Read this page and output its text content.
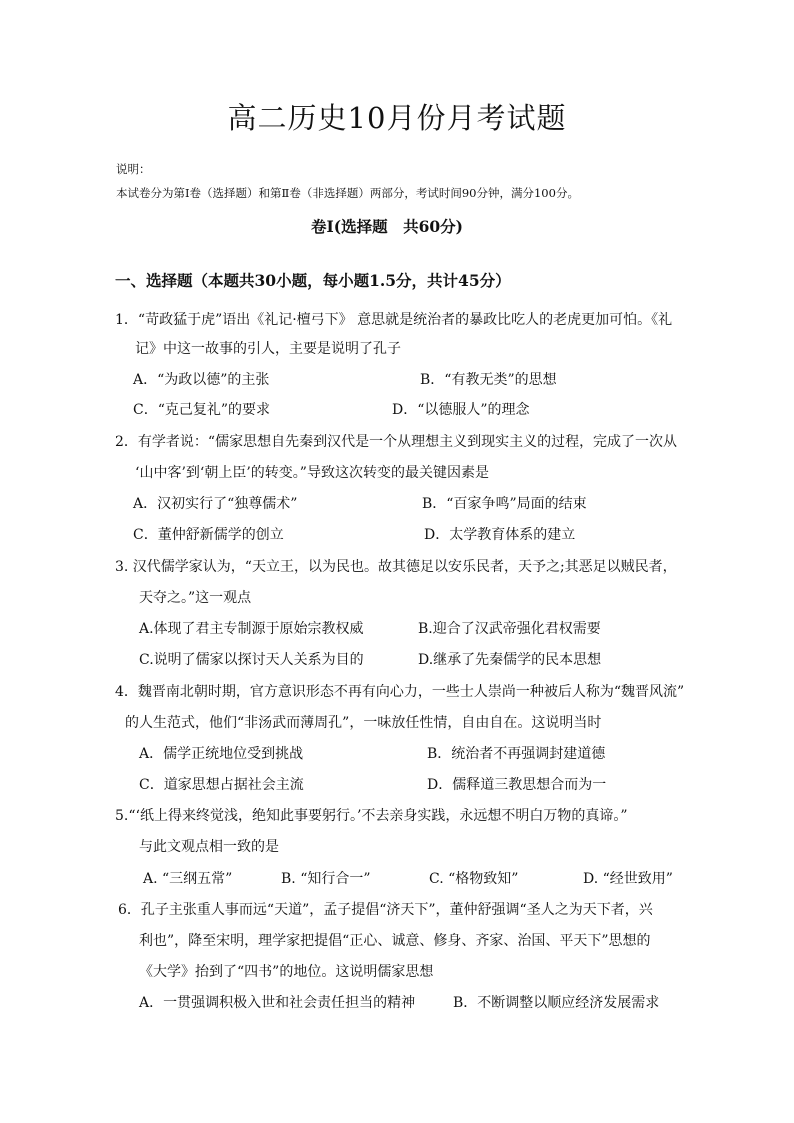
高二历史10月份月考试题
说明：
本试卷分为第Ⅰ卷（选择题）和第Ⅱ卷（非选择题）两部分，考试时间90分钟，满分100分。
卷Ⅰ(选择题　共60分)
一、选择题（本题共30小题，每小题1.5分，共计45分）
1．“苛政猛于虎”语出《礼记·檀弓下》 意思就是统治者的暴政比吃人的老虎更加可怕。《礼
记》中这一故事的引人，主要是说明了孔子
A．“为政以德”的主张	B．“有教无类”的思想
C．“克己复礼”的要求	D．“以德服人”的理念
2．有学者说：“儒家思想自先秦到汉代是一个从理想主义到现实主义的过程，完成了一次从
‘山中客’到‘朝上臣’的转变。”导致这次转变的最关键因素是
A．汉初实行了“独尊儒术”	B．“百家争鸣”局面的结束
C．董仲舒新儒学的创立	D．太学教育体系的建立
3. 汉代儒学家认为，“天立王，以为民也。故其德足以安乐民者，天予之;其恶足以贼民者，
天夺之。”这一观点
A.体现了君主专制源于原始宗教权威	B.迎合了汉武帝强化君权需要
C.说明了儒家以探讨天人关系为目的	D.继承了先秦儒学的民本思想
4．魏晋南北朝时期，官方意识形态不再有向心力，一些士人崇尚一种被后人称为“魏晋风流”
的人生范式，他们“非汤武而薄周孔”，一味放任性情，自由自在。这说明当时
A．儒学正统地位受到挑战	B．统治者不再强调封建道德
C．道家思想占据社会主流	D．儒释道三教思想合而为一
5.“‘纸上得来终觉浅，绝知此事要躬行。’不去亲身实践，永远想不明白万物的真谛。”
与此文观点相一致的是
A. “三纲五常”	B. “知行合一”	C. “格物致知”	D. “经世致用”
6．孔子主张重人事而远“天道”，孟子提倡“济天下”，董仲舒强调“圣人之为天下者，兴
利也”，降至宋明，理学家把提倡“正心、诚意、修身、齐家、治国、平天下”思想的
《大学》抬到了“四书”的地位。这说明儒家思想
A．一贯强调积极入世和社会责任担当的精神	B．不断调整以顺应经济发展需求
